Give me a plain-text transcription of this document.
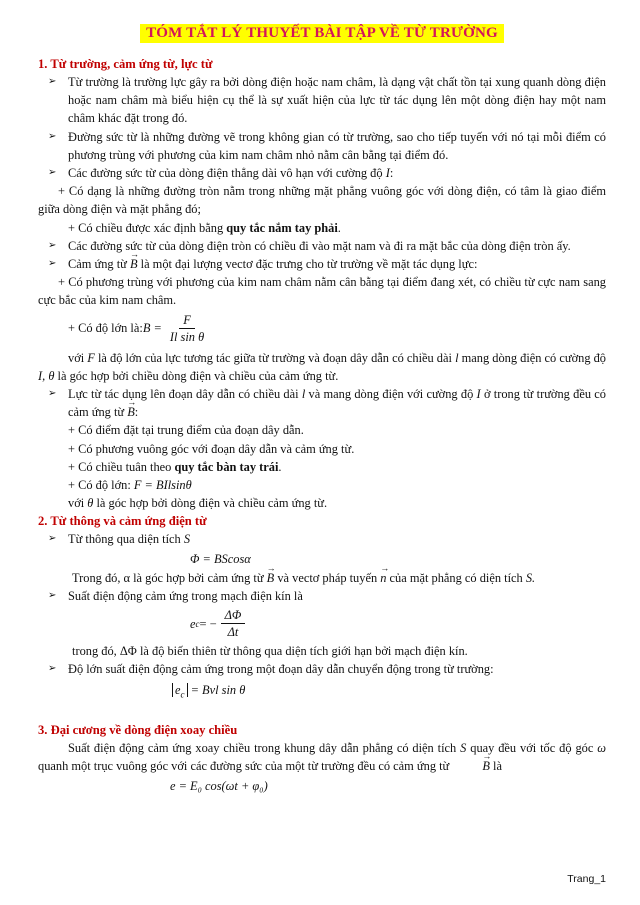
TÓM TẮT LÝ THUYẾT BÀI TẬP VỀ TỪ TRƯỜNG
1. Từ trường, cảm ứng từ, lực từ
➢ Từ trường là trường lực gây ra bởi dòng điện hoặc nam châm, là dạng vật chất tồn tại xung quanh dòng điện hoặc nam châm mà biểu hiện cụ thể là sự xuất hiện của lực từ tác dụng lên một dòng điện hay một nam châm khác đặt trong đó.
➢ Đường sức từ là những đường vẽ trong không gian có từ trường, sao cho tiếp tuyến với nó tại mỗi điểm có phương trùng với phương của kim nam châm nhỏ nằm cân bằng tại điểm đó.
➢ Các đường sức từ của dòng điện thẳng dài vô hạn với cường độ I:

+ Có dạng là những đường tròn nằm trong những mặt phẳng vuông góc với dòng điện, có tâm là giao điểm giữa dòng điện và mặt phẳng đó;

+ Có chiều được xác định bằng quy tắc nắm tay phải.

➢ Các đường sức từ của dòng điện tròn có chiều đi vào mặt nam và đi ra mặt bắc của dòng điện tròn ấy.
➢ Cảm ứng từ → B là một đại lượng vectơ đặc trưng cho từ trường về mặt tác dụng lực:

+ Có phương trùng với phương của kim nam châm nằm cân bằng tại điểm đang xét, có chiều từ cực nam sang cực bắc của kim nam châm.

+ Có độ lớn là: $B = \frac{F}{\text{Il sin θ}}$

với F là độ lớn của lực tương tác giữa từ trường và đoạn dây dẫn có chiều dài l mang dòng điện có cường độ I, θ là góc hợp bởi chiều dòng điện và chiều của cảm ứng từ.

➢ Lực từ tác dụng lên đoạn dây dẫn có chiều dài l và mang dòng điện với cường độ I ở trong từ trường đều có cảm ứng từ → B:

+ Có điểm đặt tại trung điểm của đoạn dây dẫn.

+ Có phương vuông góc với đoạn dây dẫn và cảm ứng từ.

+ Có chiều tuân theo quy tắc bàn tay trái.

+ Có độ lớn: F = BIlsinθ

với θ là góc hợp bởi dòng điện và chiều cảm ứng từ.

2. Từ thông và cảm ứng điện từ
➢ Từ thông qua diện tích S

Φ = BScosα

Trong đó, α là góc hợp bởi cảm ứng từ → B và vectơ pháp tuyến → n của mặt phẳng có diện tích S.

➢ Suất điện động cảm ứng trong mạch điện kín là
e c = − $\frac{\Delta\Phi}{\Delta t}$

trong đó, ΔΦ là độ biến thiên từ thông qua diện tích giới hạn bởi mạch điện kín.

➢ Độ lớn suất điện động cảm ứng trong một đoạn dây dẫn chuyển động trong từ trường:

$e_c$ = Bvl sin θ

3. Đại cương về dòng điện xoay chiều

Suất điện động cảm ứng xoay chiều trong khung dây dẫn phẳng có diện tích S quay đều với tốc độ góc ω quanh một trục vuông góc với các đường sức của một từ trường đều có cảm ứng từ → B là

e = E₀ cos(ωt + φ₀)

Trang_1
